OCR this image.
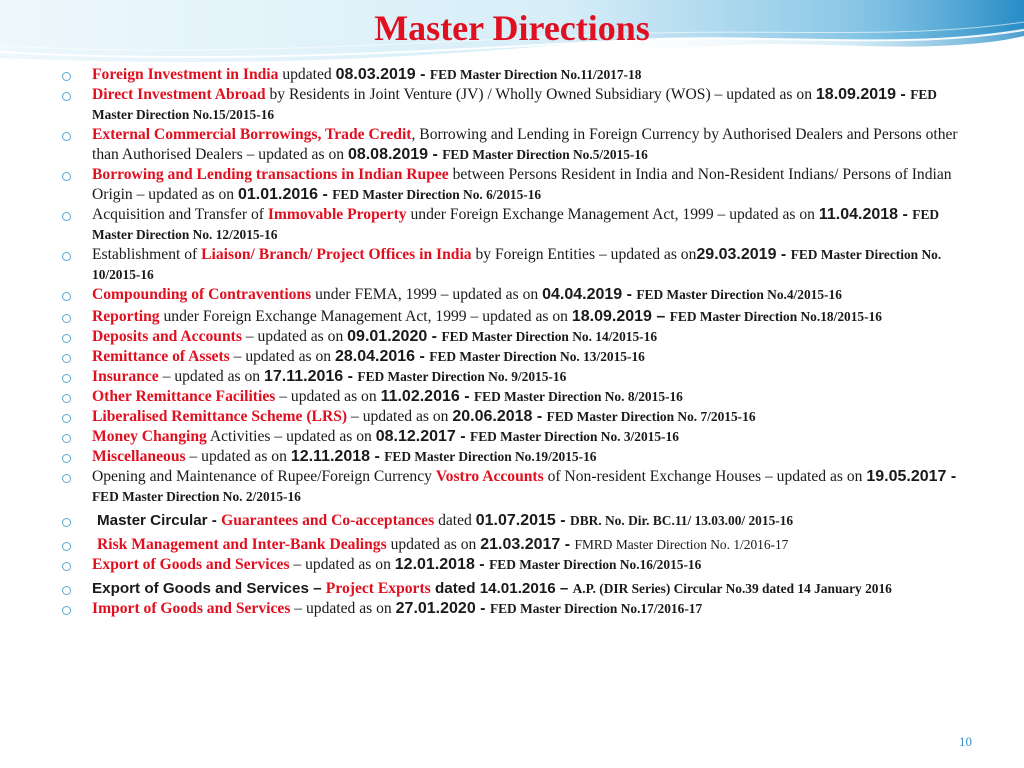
Master Directions
Foreign Investment in India updated 08.03.2019 - FED Master Direction No.11/2017-18
Direct Investment Abroad by Residents in Joint Venture (JV) / Wholly Owned Subsidiary (WOS) – updated as on 18.09.2019 - FED Master Direction No.15/2015-16
External Commercial Borrowings, Trade Credit, Borrowing and Lending in Foreign Currency by Authorised Dealers and Persons other than Authorised Dealers – updated as on 08.08.2019 - FED Master Direction No.5/2015-16
Borrowing and Lending transactions in Indian Rupee between Persons Resident in India and Non-Resident Indians/ Persons of Indian Origin – updated as on 01.01.2016 - FED Master Direction No. 6/2015-16
Acquisition and Transfer of Immovable Property under Foreign Exchange Management Act, 1999 – updated as on 11.04.2018 - FED Master Direction No. 12/2015-16
Establishment of Liaison/ Branch/ Project Offices in India by Foreign Entities – updated as on29.03.2019 - FED Master Direction No. 10/2015-16
Compounding of Contraventions under FEMA, 1999 – updated as on 04.04.2019 - FED Master Direction No.4/2015-16
Reporting under Foreign Exchange Management Act, 1999 – updated as on 18.09.2019 – FED Master Direction No.18/2015-16
Deposits and Accounts – updated as on 09.01.2020 - FED Master Direction No. 14/2015-16
Remittance of Assets – updated as on 28.04.2016 - FED Master Direction No. 13/2015-16
Insurance – updated as on 17.11.2016 - FED Master Direction No. 9/2015-16
Other Remittance Facilities – updated as on 11.02.2016 - FED Master Direction No. 8/2015-16
Liberalised Remittance Scheme (LRS) – updated as on 20.06.2018 - FED Master Direction No. 7/2015-16
Money Changing Activities – updated as on 08.12.2017 - FED Master Direction No. 3/2015-16
Miscellaneous – updated as on 12.11.2018 - FED Master Direction No.19/2015-16
Opening and Maintenance of Rupee/Foreign Currency Vostro Accounts of Non-resident Exchange Houses – updated as on 19.05.2017 - FED Master Direction No. 2/2015-16
Master Circular - Guarantees and Co-acceptances dated 01.07.2015 - DBR. No. Dir. BC.11/ 13.03.00/ 2015-16
Risk Management and Inter-Bank Dealings updated as on 21.03.2017 - FMRD Master Direction No. 1/2016-17
Export of Goods and Services – updated as on 12.01.2018 - FED Master Direction No.16/2015-16
Export of Goods and Services – Project Exports dated 14.01.2016 – A.P. (DIR Series) Circular No.39 dated 14 January 2016
Import of Goods and Services – updated as on 27.01.2020 - FED Master Direction No.17/2016-17
10
